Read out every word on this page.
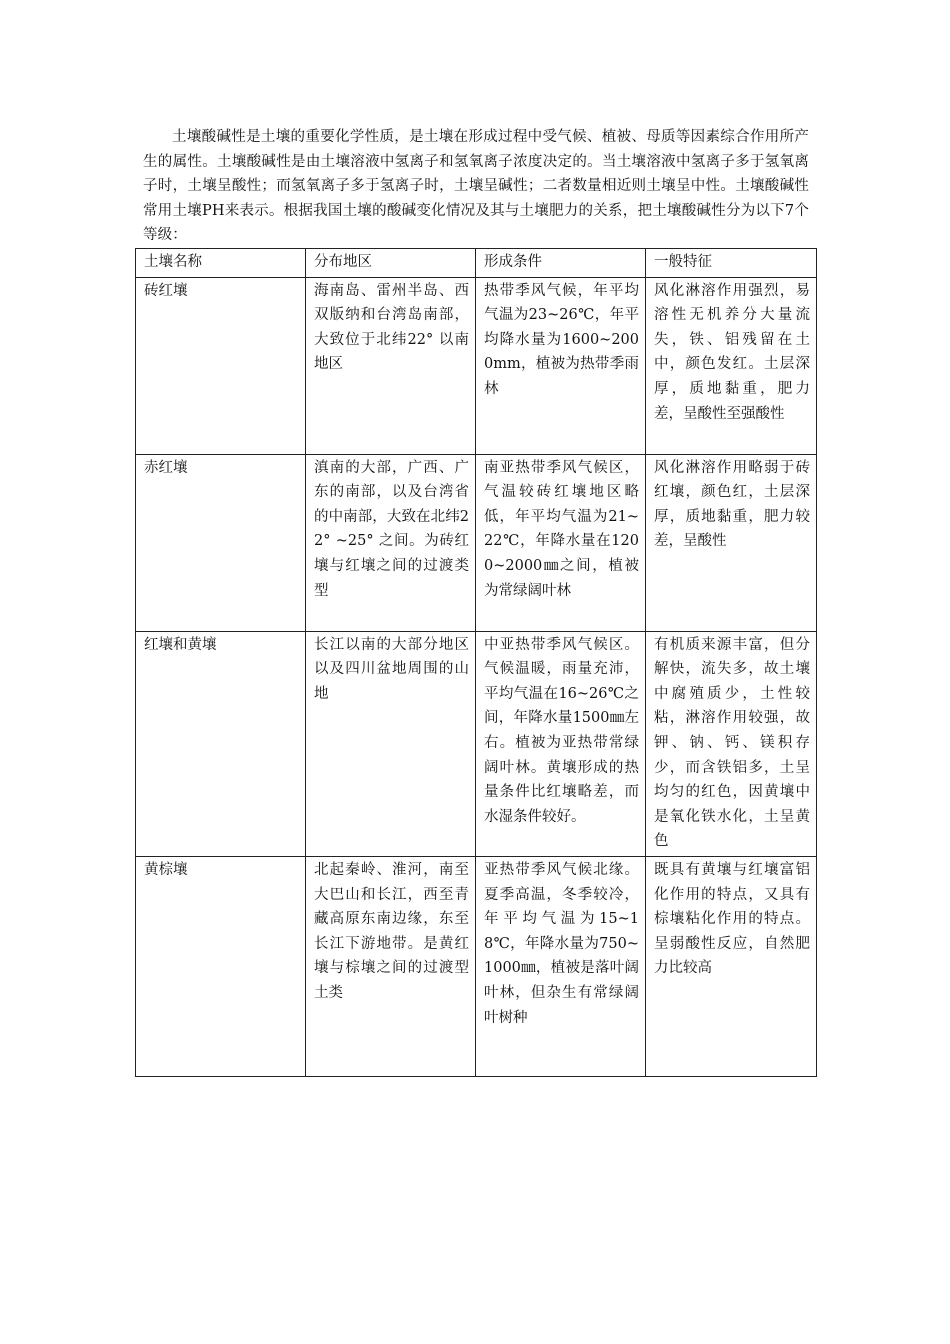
土壤酸碱性是土壤的重要化学性质，是土壤在形成过程中受气候、植被、母质等因素综合作用所产生的属性。土壤酸碱性是由土壤溶液中氢离子和氢氧离子浓度决定的。当土壤溶液中氢离子多于氢氧离子时，土壤呈酸性；而氢氧离子多于氢离子时，土壤呈碱性；二者数量相近则土壤呈中性。土壤酸碱性常用土壤PH来表示。根据我国土壤的酸碱变化情况及其与土壤肥力的关系，把土壤酸碱性分为以下7个等级：

土壤名称	分布地区	形成条件	一般特征
砖红壤	海南岛、雷州半岛、西双版纳和台湾岛南部，大致位于北纬22° 以南地区	热带季风气候，年平均气温为23~26℃，年平均降水量为1600~2000mm，植被为热带季雨林	风化淋溶作用强烈，易溶性无机养分大量流失，铁、铝残留在土中，颜色发红。土层深厚，质地黏重，肥力差，呈酸性至强酸性
赤红壤	滇南的大部，广西、广东的南部，以及台湾省的中南部，大致在北纬22° ~25° 之间。为砖红壤与红壤之间的过渡类型	南亚热带季风气候区，气温较砖红壤地区略低，年平均气温为21~22℃，年降水量在1200~2000㎜之间，植被为常绿阔叶林	风化淋溶作用略弱于砖红壤，颜色红，土层深厚，质地黏重，肥力较差，呈酸性
红壤和黄壤	长江以南的大部分地区以及四川盆地周围的山地	中亚热带季风气候区。气候温暖，雨量充沛，平均气温在16~26℃之间，年降水量1500㎜左右。植被为亚热带常绿阔叶林。黄壤形成的热量条件比红壤略差，而水湿条件较好。	有机质来源丰富，但分解快，流失多，故土壤中腐殖质少，土性较粘，淋溶作用较强，故钾、钠、钙、镁积存少，而含铁铝多，土呈均匀的红色，因黄壤中是氧化铁水化，土呈黄色
黄棕壤	北起秦岭、淮河，南至大巴山和长江，西至青藏高原东南边缘，东至长江下游地带。是黄红壤与棕壤之间的过渡型土类	亚热带季风气候北缘。夏季高温，冬季较冷，年平均气温为15~18℃，年降水量为750~1000㎜，植被是落叶阔叶林，但杂生有常绿阔叶树种	既具有黄壤与红壤富铝化作用的特点，又具有棕壤粘化作用的特点。呈弱酸性反应，自然肥力比较高
